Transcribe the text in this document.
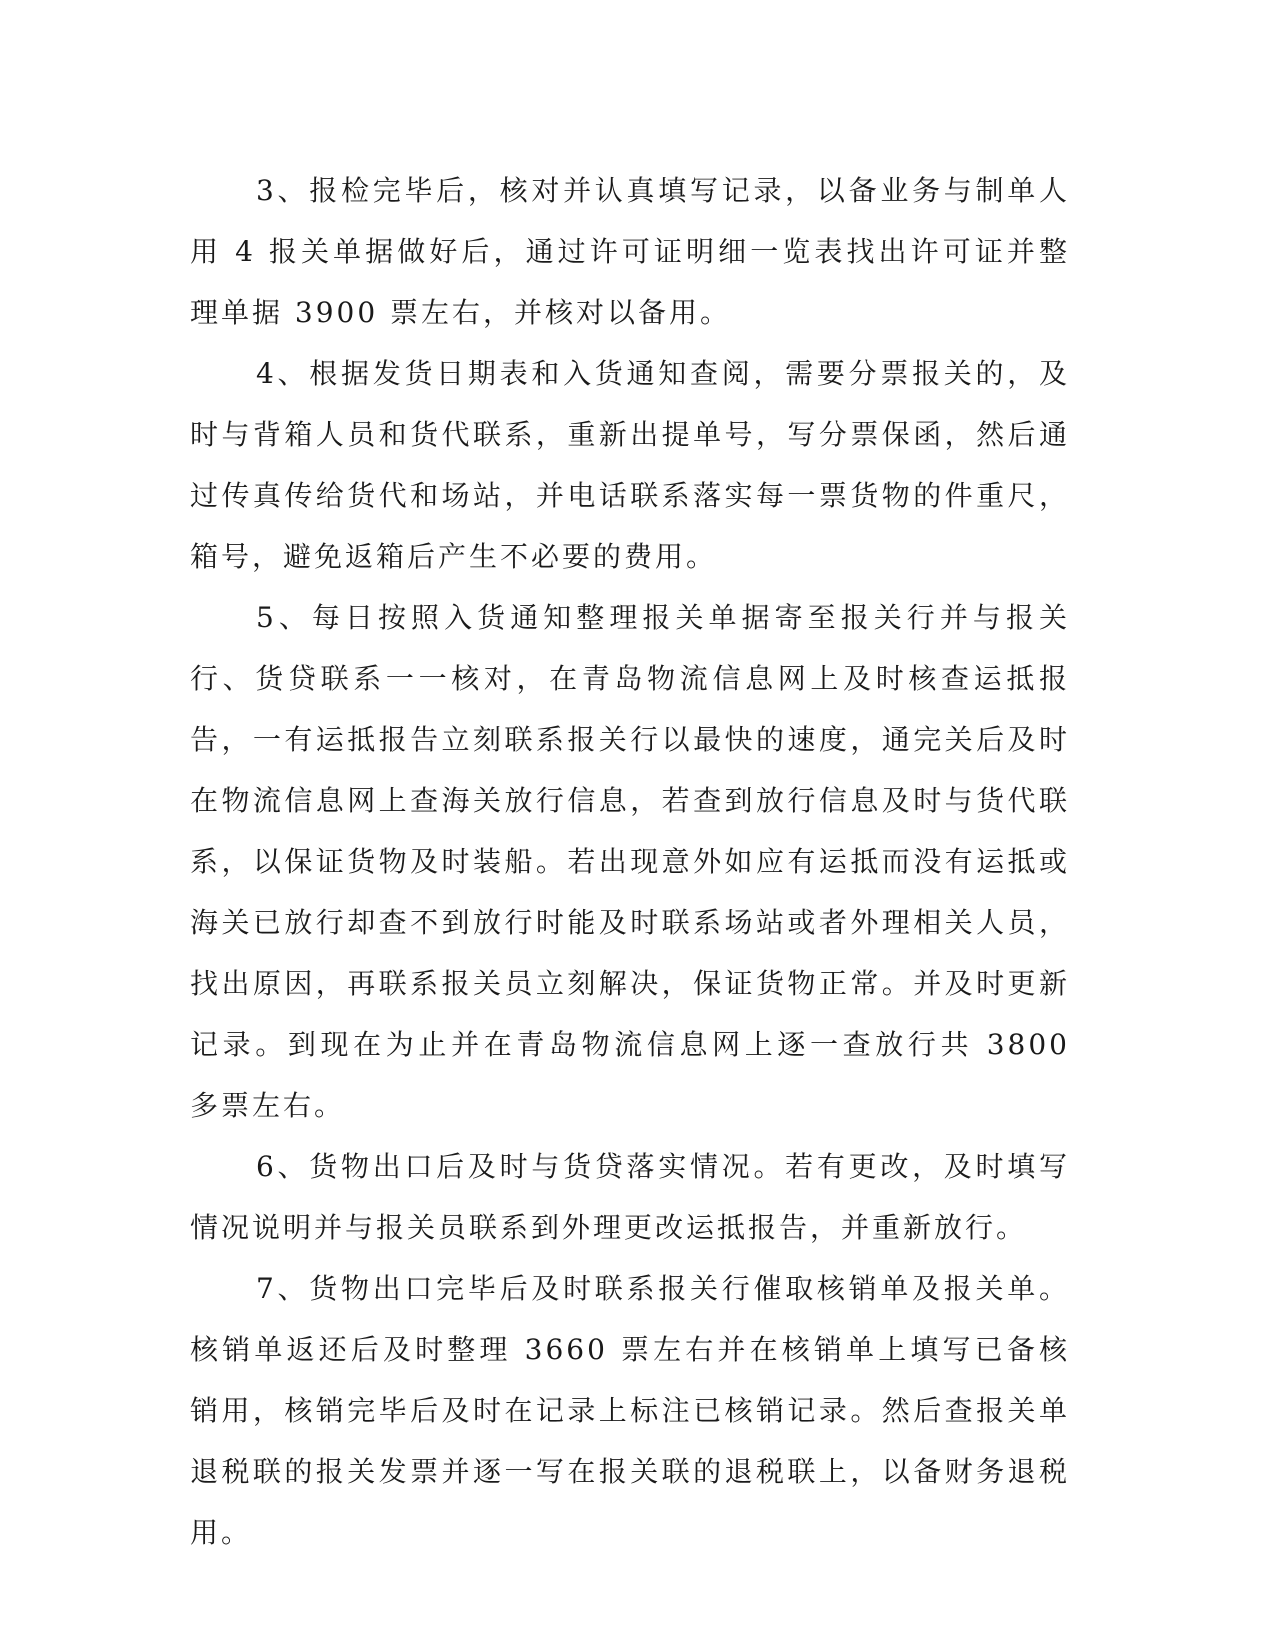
3、报检完毕后，核对并认真填写记录，以备业务与制单人用 4 报关单据做好后，通过许可证明细一览表找出许可证并整理单据 3900 票左右，并核对以备用。

4、根据发货日期表和入货通知查阅，需要分票报关的，及时与背箱人员和货代联系，重新出提单号，写分票保函，然后通过传真传给货代和场站，并电话联系落实每一票货物的件重尺，箱号，避免返箱后产生不必要的费用。

5、每日按照入货通知整理报关单据寄至报关行并与报关行、货贷联系一一核对，在青岛物流信息网上及时核查运抵报告，一有运抵报告立刻联系报关行以最快的速度，通完关后及时在物流信息网上查海关放行信息，若查到放行信息及时与货代联系，以保证货物及时装船。若出现意外如应有运抵而没有运抵或海关已放行却查不到放行时能及时联系场站或者外理相关人员，找出原因，再联系报关员立刻解决，保证货物正常。并及时更新记录。到现在为止并在青岛物流信息网上逐一查放行共 3800 多票左右。

6、货物出口后及时与货贷落实情况。若有更改，及时填写情况说明并与报关员联系到外理更改运抵报告，并重新放行。

7、货物出口完毕后及时联系报关行催取核销单及报关单。核销单返还后及时整理 3660 票左右并在核销单上填写已备核销用，核销完毕后及时在记录上标注已核销记录。然后查报关单退税联的报关发票并逐一写在报关联的退税联上，以备财务退税用。
